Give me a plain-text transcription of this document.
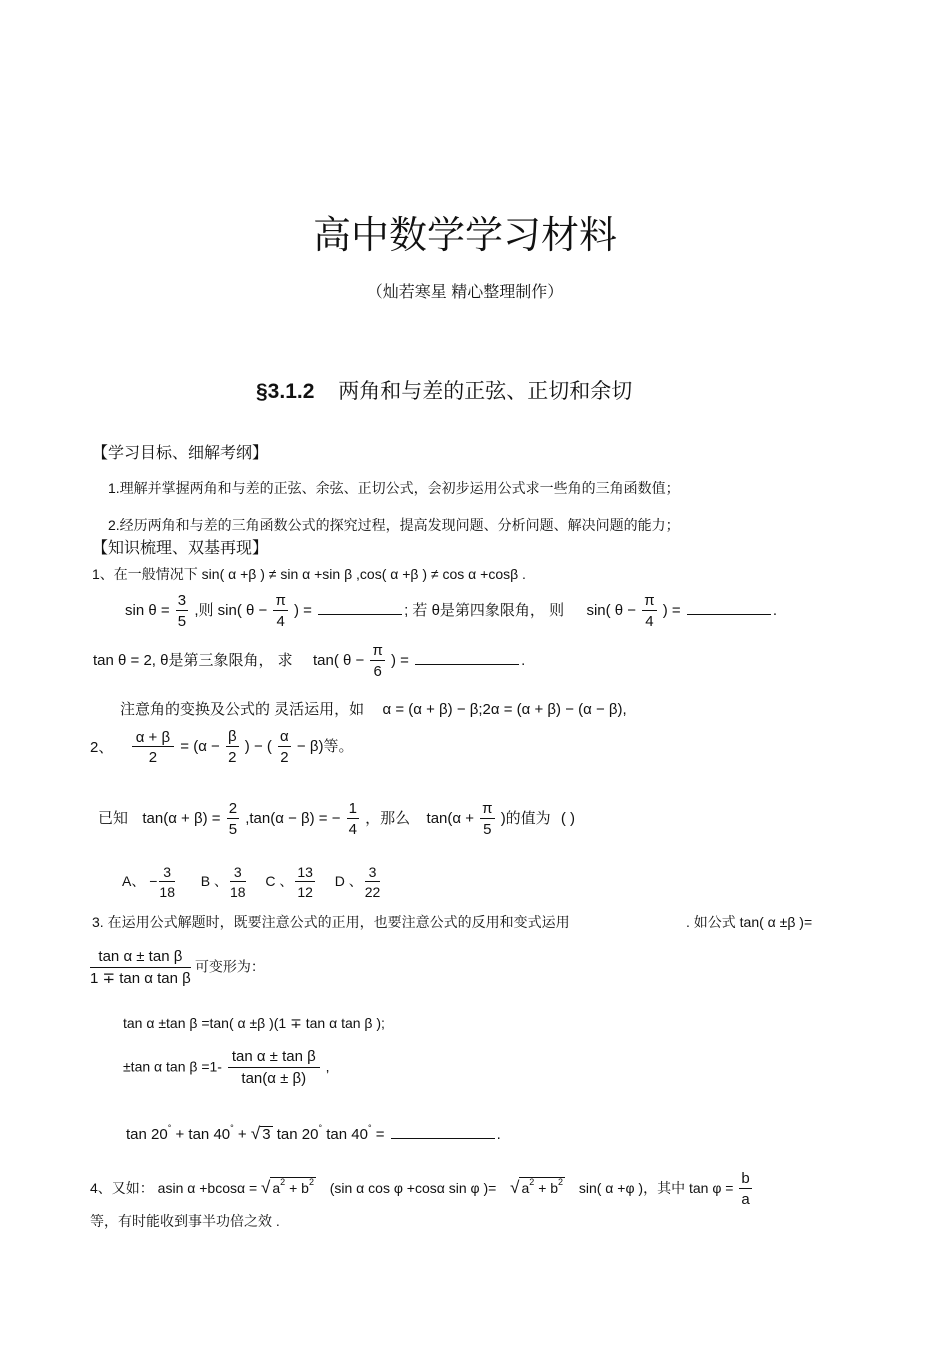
高中数学学习材料
（灿若寒星 精心整理制作）
§3.1.2 两角和与差的正弦、正切和余切
【学习目标、细解考纲】
1.理解并掌握两角和与差的正弦、余弦、正切公式，会初步运用公式求一些角的三角函数值；
2.经历两角和与差的三角函数公式的探究过程，提高发现问题、分析问题、解决问题的能力；
【知识梳理、双基再现】
1、在一般情况下 sin( α +β ) ≠ sin α +sin β ,cos( α +β ) ≠ cos α +cosβ .
$\sin \theta = \frac{3}{5}$ ,则 sin( $\theta - \frac{\pi}{4}$ ) =	; 若 θ是第四象限角， 则 sin( $\theta - \frac{\pi}{4}$ ) =	.
tan θ = 2, θ是第三象限角， 求 tan( $\theta - \frac{\pi}{6}$ ) =	.
注意角的变换及公式的 灵活运用，如 α = (α + β) − β;2α = (α + β) − (α − β),
2、 $\frac{\alpha + \beta}{2} = (\alpha - \frac{\beta}{2}$ ) − ( $\frac{\alpha}{2} - \beta$)等。
已知 $\tan(\alpha + \beta) = \frac{2}{5} ,\tan(\alpha - \beta)$ = − $\frac{1}{4}$ ，那么 $\tan(\alpha + \frac{\pi}{5}$ )的值为 ( )
A、 − $\frac{3}{18}$ B 、 $\frac{3}{18}$ C 、 $\frac{13}{12}$ D 、 $\frac{3}{22}$
3. 在运用公式解题时，既要注意公式的正用，也要注意公式的反用和变式运用	. 如公式 tan( α ±β )=
$\frac{\text{tan α ± tan β}}{\text{1 ∓ tan α tan β}}$ 可变形为：
tan α ±tan β =tan( α ±β )(1 ∓ tan α tan β );
±tan α $\tan \beta =1- \frac{\text{tan α ± tan β}}{\tan(\alpha \pm \beta)}$ ,
tan 20° + tan 40° + √ 3 tan 20° tan 40° =	.
4、又如： asin α +bcosα = √ $a^2 + b^2$ (sin α cos φ +cosα sin φ )= √ $a^2 + b^2$ sin( α +φ )，其中 $\tan \varphi = \frac{b}{a}$
等，有时能收到事半功倍之效 .
